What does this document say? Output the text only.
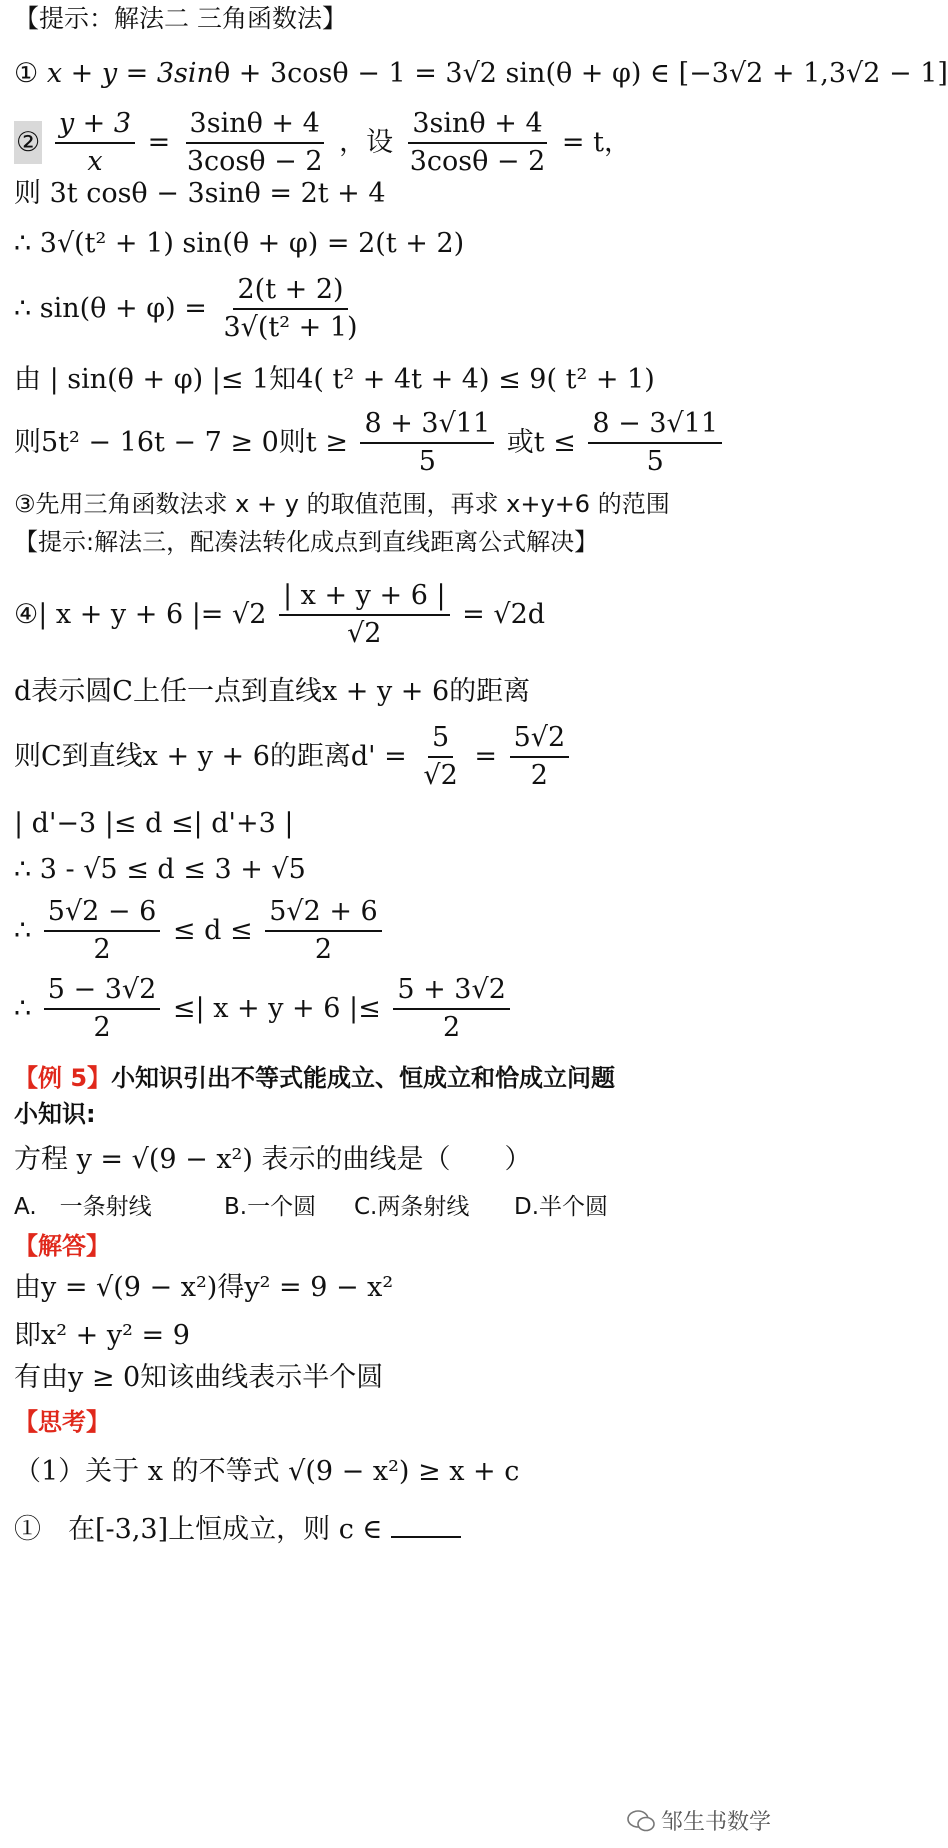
【提示：解法二 三角函数法】
① x + y = 3sinθ + 3cosθ − 1 = 3√2 sin(θ + φ) ∈ [−3√2 + 1,3√2 − 1]
② $\frac{y + 3}{x} = \frac{3\sin\theta + 4}{3\cos\theta - 2}$ ，设 $\frac{3\sin\theta + 4}{3\cos\theta - 2} = t$，
则 3t cosθ − 3sinθ = 2t + 4
∴ 3√(t² + 1) sin(θ + φ) = 2(t + 2)
∴ $\sin(\theta + \varphi) = \frac{2(t + 2)}{\text{3√(t² + 1)}}$
由 | sin(θ + φ) |≤ 1知4( t² + 4t + 4) ≤ 9( t² + 1)
则5t² − 16t − 7 ≥ 0则$t \ge \frac{8 + 3√11}{5}$ 或$t \le \frac{8 - 3√11}{5}$
③先用三角函数法求 x + y 的取值范围，再求 x+y+6 的范围
【提示:解法三，配凑法转化成点到直线距离公式解决】
④| x + y + 6 |= $√2 \frac{| x + y + 6 |}{√2} = √2d$
d表示圆C上任一点到直线x + y + 6的距离
则C到直线x + y + 6的距离$d' = \frac{5}{√2} = \frac{5√2}{2}$
| d'−3 |≤ d ≤| d'+3 |
∴ 3 - √5 ≤ d ≤ 3 + √5
∴ $\frac{5√2 - 6}{2} \le d \le \frac{5√2 + 6}{2}$
∴ $\frac{5 - 3√2}{2}$ ≤| x + y + 6 |≤ $\frac{5 + 3√2}{2}$
【例 5】小知识引出不等式能成立、恒成立和恰成立问题
小知识:
方程 y = √(9 − x²) 表示的曲线是（　　）
A.　一条射线	B.一个圆 C.两条射线 D.半个圆
【解答】
由y = √(9 − x²)得y² = 9 − x²
即x² + y² = 9
有由y ≥ 0知该曲线表示半个圆
【思考】
（1）关于 x 的不等式 √(9 − x²) ≥ x + c
①　在[-3,3]上恒成立，则 c ∈
邹生书数学
